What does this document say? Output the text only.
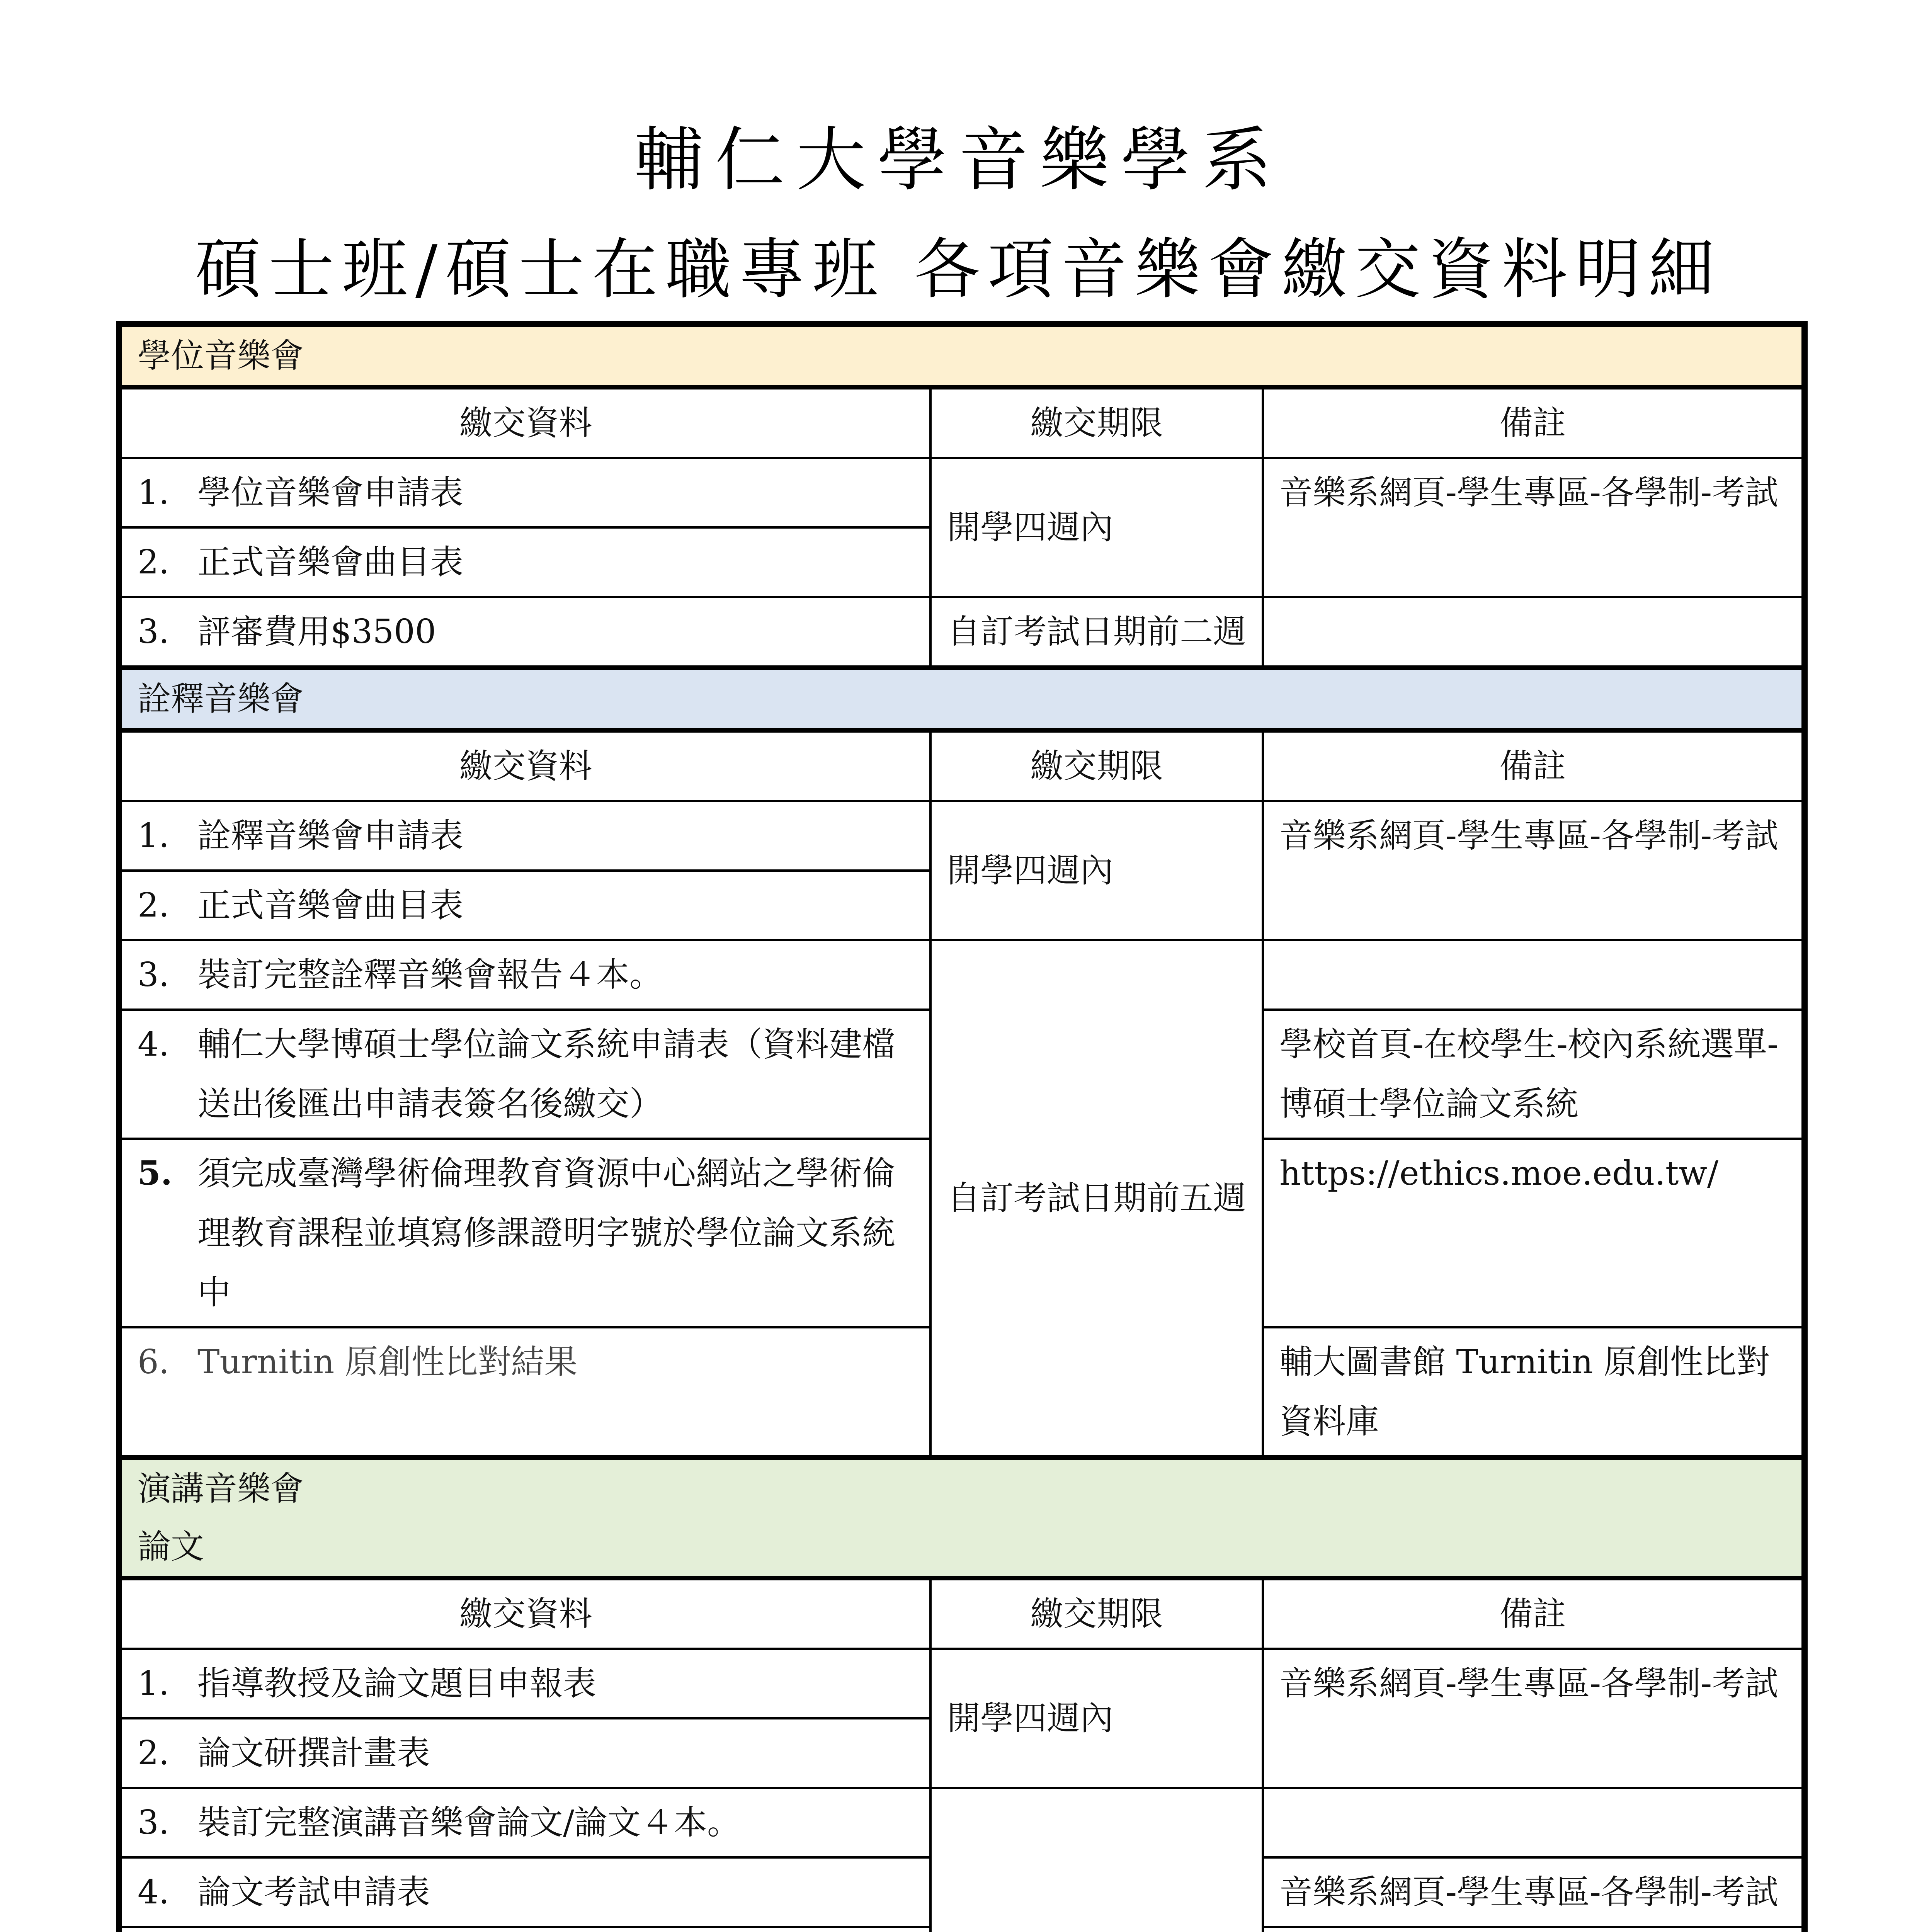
輔仁大學音樂學系
碩士班/碩士在職專班 各項音樂會繳交資料明細
學位音樂會		
繳交資料	繳交期限	備註

1. 學位音樂會申請表	開學四週內	音樂系網頁-學生專區-各學制-考試

2. 正式音樂會曲目表		

3. 評審費用$3500	自訂考試日期前二週	
詮釋音樂會		
繳交資料	繳交期限	備註

1. 詮釋音樂會申請表	開學四週內	音樂系網頁-學生專區-各學制-考試

2. 正式音樂會曲目表		

3. 裝訂完整詮釋音樂會報告４本。	自訂考試日期前五週	

4. 輔仁大學博碩士學位論文系統申請表（資料建檔送出後匯出申請表簽名後繳交）		學校首頁-在校學生-校內系統選單-博碩士學位論文系統

5. 須完成臺灣學術倫理教育資源中心網站之學術倫理教育課程並填寫修課證明字號於學位論文系統中		https://ethics.moe.edu.tw/

6. Turnitin 原創性比對結果		輔大圖書館 Turnitin 原創性比對資料庫

演講音樂會
論文		

繳交資料	繳交期限	備註

1. 指導教授及論文題目申報表	開學四週內	音樂系網頁-學生專區-各學制-考試

2. 論文研撰計畫表		

3. 裝訂完整演講音樂會論文/論文４本。

4. 論文考試申請表		音樂系網頁-學生專區-各學制-考試
